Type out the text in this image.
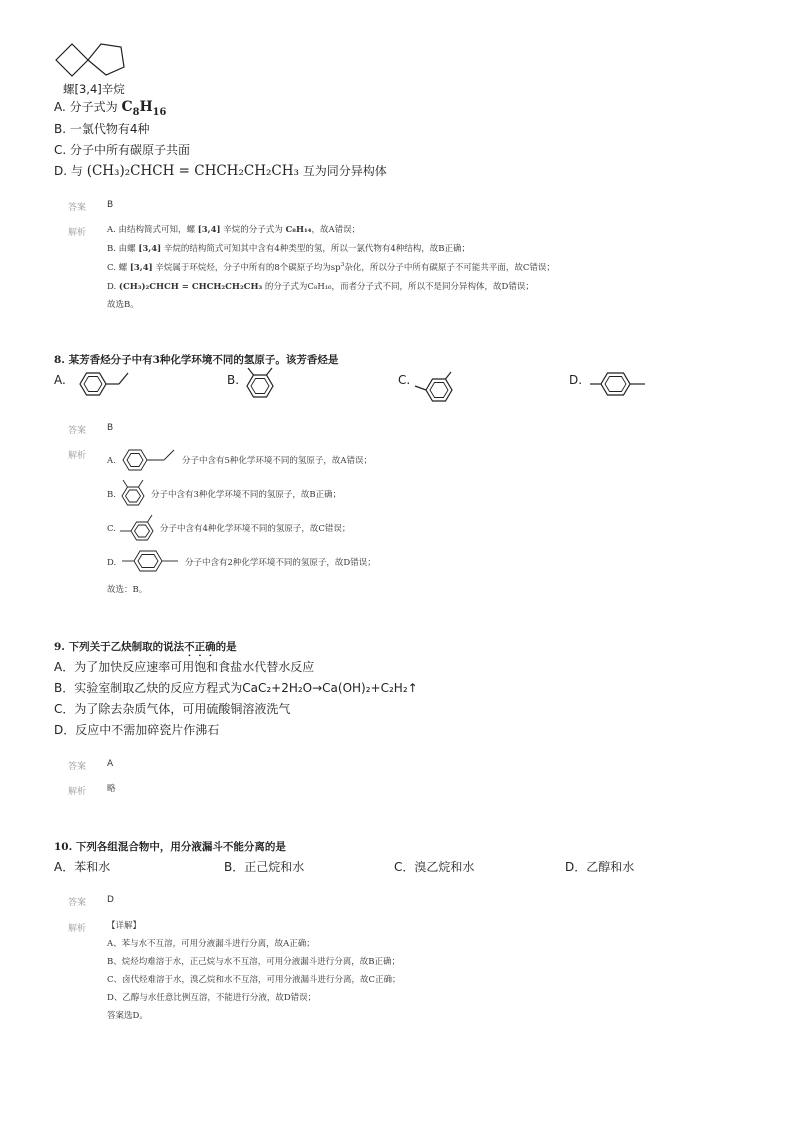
螺[3,4]辛烷
A. 分子式为 $C_8H_{16}$
B. 一氯代物有4种
C. 分子中所有碳原子共面
D. 与 (CH₃)₂CHCH = CHCH₂CH₂CH₃ 互为同分异构体
答案 B
解析 A. 由结构简式可知，螺 [3,4] 辛烷的分子式为 C₈H₁₄，故A错误；
B. 由螺 [3,4] 辛烷的结构简式可知其中含有4种类型的氢，所以一氯代物有4种结构，故B正确；
C. 螺 [3,4] 辛烷属于环烷烃，分子中所有的8个碳原子均为$sp^3$杂化，所以分子中所有碳原子不可能共平面，故C错误；
D. (CH₃)₂CHCH = CHCH₂CH₂CH₃ 的分子式为C₈H₁₆，而者分子式不同，所以不是同分异构体，故D错误；
故选B。
8. 某芳香烃分子中有3种化学环境不同的氢原子。该芳香烃是
A.	B.	C.	D.
答案 B
解析 A.	分子中含有5种化学环境不同的氢原子，故A错误；
B.	分子中含有3种化学环境不同的氢原子，故B正确；
C.	分子中含有4种化学环境不同的氢原子，故C错误；
D.	分子中含有2种化学环境不同的氢原子，故D错误；
故选：B。
9. 下列关于乙炔制取的说法不正确的是
A．为了加快反应速率可用饱和食盐水代替水反应
B．实验室制取乙炔的反应方程式为CaC₂+2H₂O→Ca(OH)₂+C₂H₂↑
C．为了除去杂质气体，可用硫酸铜溶液洗气
D．反应中不需加碎瓷片作沸石
答案 A
解析 略
10. 下列各组混合物中，用分液漏斗不能分离的是
A．苯和水	B．正己烷和水	C．溴乙烷和水	D．乙醇和水
答案 D
解析 【详解】
A、苯与水不互溶，可用分液漏斗进行分离，故A正确；
B、烷烃均难溶于水，正己烷与水不互溶，可用分液漏斗进行分离，故B正确；
C、卤代烃难溶于水，溴乙烷和水不互溶，可用分液漏斗进行分离，故C正确；
D、乙醇与水任意比例互溶，不能进行分液，故D错误；
答案选D。
